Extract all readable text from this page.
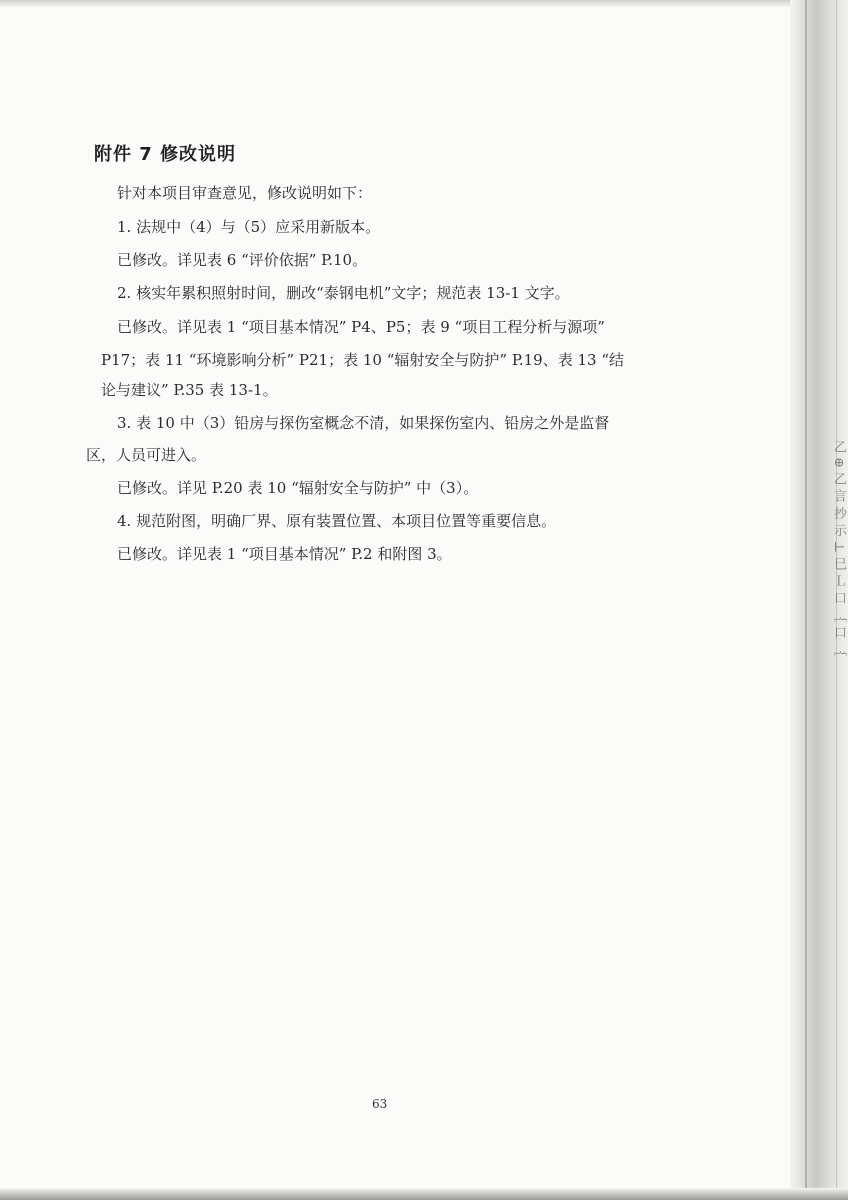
乙 ⊕ 乙 言 抄 示 ⊥ 巳 Ｌ 口 ｛ 口 ｛
附件 7 修改说明
针对本项目审查意见，修改说明如下：
1. 法规中（4）与（5）应采用新版本。
已修改。详见表 6 “评价依据” P.10。
2. 核实年累积照射时间，删改“泰钢电机”文字；规范表 13-1 文字。
已修改。详见表 1 “项目基本情况” P4、P5；表 9 “项目工程分析与源项”
P17；表 11 “环境影响分析” P21；表 10 “辐射安全与防护” P.19、表 13 “结
论与建议” P.35 表 13-1。
3. 表 10 中（3）铅房与探伤室概念不清，如果探伤室内、铅房之外是监督
区，人员可进入。
已修改。详见 P.20 表 10 “辐射安全与防护” 中（3）。
4. 规范附图，明确厂界、原有装置位置、本项目位置等重要信息。
已修改。详见表 1 “项目基本情况” P.2 和附图 3。
63
